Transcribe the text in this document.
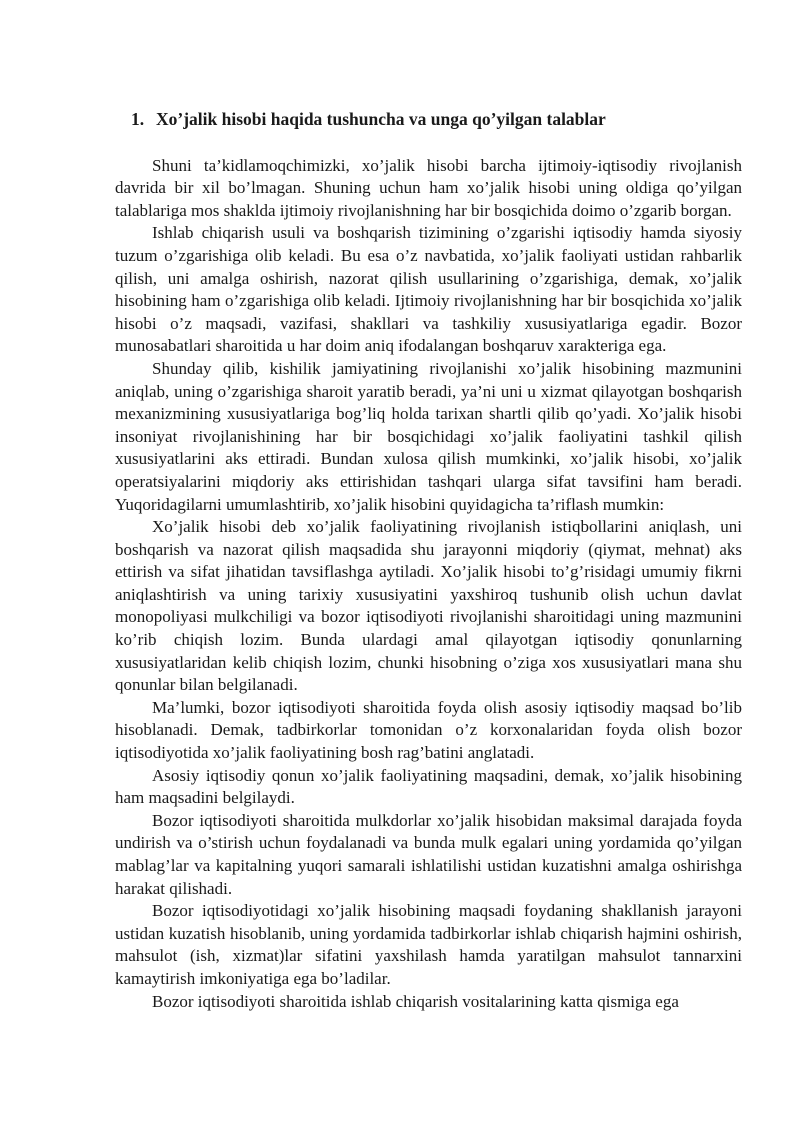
1. Xo’jalik hisobi haqida tushuncha va unga qo’yilgan talablar

Shuni ta’kidlamoqchimizki, xo’jalik hisobi barcha ijtimoiy-iqtisodiy rivojlanish davrida bir xil bo’lmagan. Shuning uchun ham xo’jalik hisobi uning oldiga qo’yilgan talablariga mos shaklda ijtimoiy rivojlanishning har bir bosqichida doimo o’zgarib borgan.

Ishlab chiqarish usuli va boshqarish tizimining o’zgarishi iqtisodiy hamda siyosiy tuzum o’zgarishiga olib keladi. Bu esa o’z navbatida, xo’jalik faoliyati ustidan rahbarlik qilish, uni amalga oshirish, nazorat qilish usullarining o’zgarishiga, demak, xo’jalik hisobining ham o’zgarishiga olib keladi. Ijtimoiy rivojlanishning har bir bosqichida xo’jalik hisobi o’z maqsadi, vazifasi, shakllari va tashkiliy xususiyatlariga egadir. Bozor munosabatlari sharoitida u har doim aniq ifodalangan boshqaruv xarakteriga ega.

Shunday qilib, kishilik jamiyatining rivojlanishi xo’jalik hisobining mazmunini aniqlab, uning o’zgarishiga sharoit yaratib beradi, ya’ni uni u xizmat qilayotgan boshqarish mexanizmining xususiyatlariga bog’liq holda tarixan shartli qilib qo’yadi. Xo’jalik hisobi insoniyat rivojlanishining har bir bosqichidagi xo’jalik faoliyatini tashkil qilish xususiyatlarini aks ettiradi. Bundan xulosa qilish mumkinki, xo’jalik hisobi, xo’jalik operatsiyalarini miqdoriy aks ettirishidan tashqari ularga sifat tavsifini ham beradi. Yuqoridagilarni umumlashtirib, xo’jalik hisobini quyidagicha ta’riflash mumkin:

Xo’jalik hisobi deb xo’jalik faoliyatining rivojlanish istiqbollarini aniqlash, uni boshqarish va nazorat qilish maqsadida shu jarayonni miqdoriy (qiymat, mehnat) aks ettirish va sifat jihatidan tavsiflashga aytiladi. Xo’jalik hisobi to’g’risidagi umumiy fikrni aniqlashtirish va uning tarixiy xususiyatini yaxshiroq tushunib olish uchun davlat monopoliyasi mulkchiligi va bozor iqtisodiyoti rivojlanishi sharoitidagi uning mazmunini ko’rib chiqish lozim. Bunda ulardagi amal qilayotgan iqtisodiy qonunlarning xususiyatlaridan kelib chiqish lozim, chunki hisobning o’ziga xos xususiyatlari mana shu qonunlar bilan belgilanadi.

Ma’lumki, bozor iqtisodiyoti sharoitida foyda olish asosiy iqtisodiy maqsad bo’lib hisoblanadi. Demak, tadbirkorlar tomonidan o’z korxonalaridan foyda olish bozor iqtisodiyotida xo’jalik faoliyatining bosh rag’batini anglatadi.

Asosiy iqtisodiy qonun xo’jalik faoliyatining maqsadini, demak, xo’jalik hisobining ham maqsadini belgilaydi.

Bozor iqtisodiyoti sharoitida mulkdorlar xo’jalik hisobidan maksimal darajada foyda undirish va o’stirish uchun foydalanadi va bunda mulk egalari uning yordamida qo’yilgan mablag’lar va kapitalning yuqori samarali ishlatilishi ustidan kuzatishni amalga oshirishga harakat qilishadi.

Bozor iqtisodiyotidagi xo’jalik hisobining maqsadi foydaning shakllanish jarayoni ustidan kuzatish hisoblanib, uning yordamida tadbirkorlar ishlab chiqarish hajmini oshirish, mahsulot (ish, xizmat)lar sifatini yaxshilash hamda yaratilgan mahsulot tannarxini kamaytirish imkoniyatiga ega bo’ladilar.

Bozor iqtisodiyoti sharoitida ishlab chiqarish vositalarining katta qismiga ega
